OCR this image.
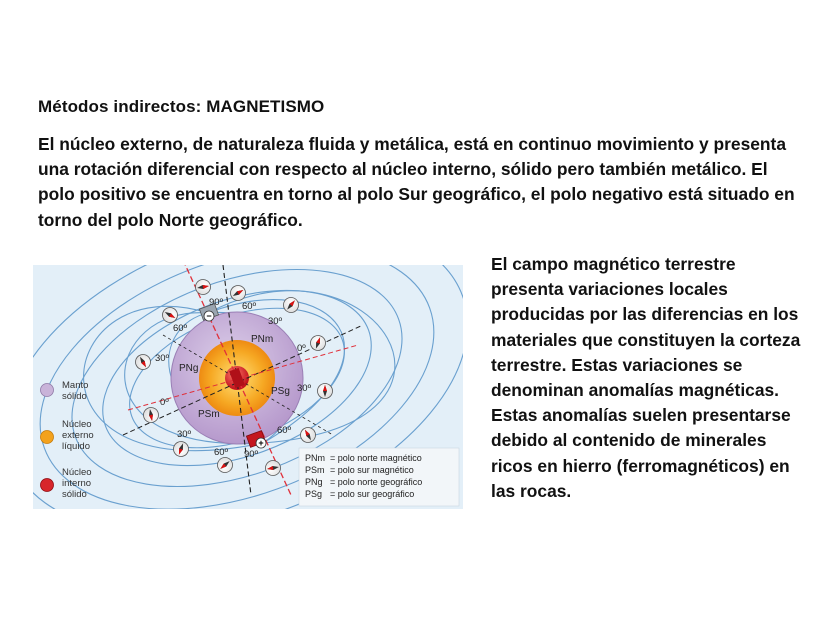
Métodos indirectos: MAGNETISMO
El núcleo externo, de naturaleza fluida y metálica, está en continuo movimiento y presenta una rotación diferencial con respecto al núcleo interno, sólido pero también metálico. El polo positivo se encuentra en torno al polo Sur geográfico, el polo negativo está situado en torno del polo Norte geográfico.
−
+
PNm
PNg
PSm
PSg
90º 60º
60º
30º
30º
0º
0º
30º
60º
30º
60º 90º
Manto
sólido
Núcleo
externo
líquido
Núcleo
interno
sólido
PNm = polo norte magnético
PSm = polo sur magnético
PNg = polo norte geográfico
PSg = polo sur geográfico

El campo magnético terrestre presenta variaciones locales producidas por las diferencias en los materiales que constituyen la corteza terrestre. Estas variaciones se denominan anomalías magnéticas.

Estas anomalías suelen presentarse debido al contenido de minerales ricos en hierro (ferromagnéticos) en las rocas.
